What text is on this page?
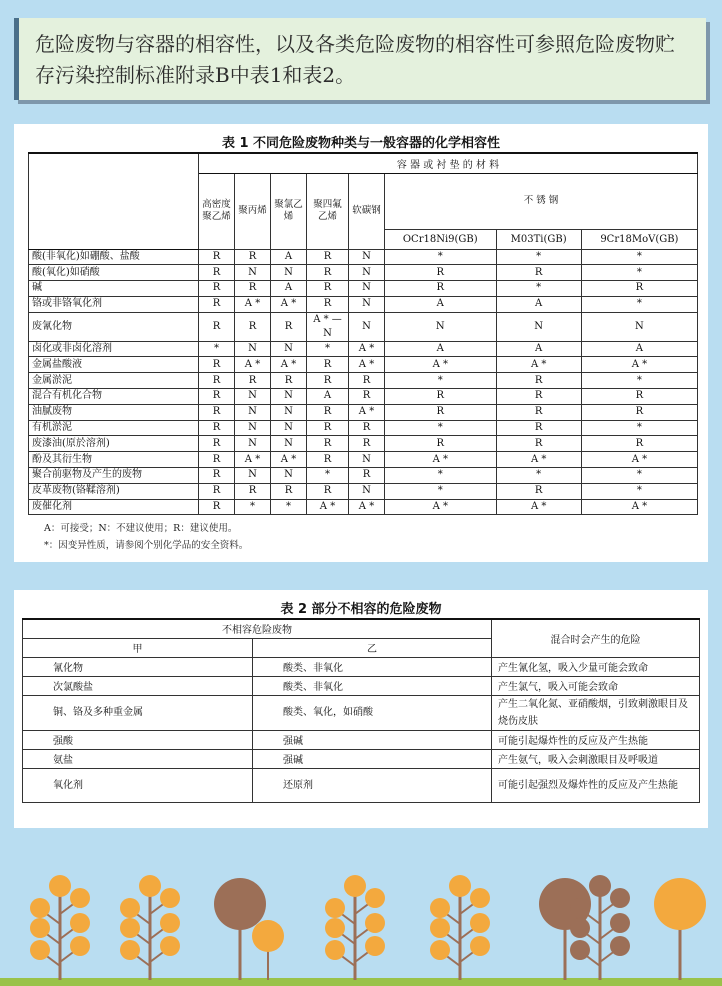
危险废物与容器的相容性，以及各类危险废物的相容性可参照危险废物贮存污染控制标准附录B中表1和表2。
表 1 不同危险废物种类与一般容器的化学相容性
	容 器 或 衬 垫 的 材 料							
	高密度聚乙烯	聚丙烯	聚氯乙烯	聚四氟乙烯	软碳钢	不 锈 钢		
						OCr18Ni9(GB)	M03Ti(GB)	9Cr18MoV(GB)
酸(非氧化)如硼酸、盐酸	R	R	A	R	N	*	*	*
酸(氧化)如硝酸	R	N	N	R	N	R	R	*
碱	R	R	A	R	N	R	*	R
铬或非铬氧化剂	R	A *	A *	R	N	A	A	*
废氰化物	R	R	R	A * —N	N	N	N	N
卤化或非卤化溶剂	*	N	N	*	A *	A	A	A
金属盐酸液	R	A *	A *	R	A *	A *	A *	A *
金属淤泥	R	R	R	R	R	*	R	*
混合有机化合物	R	N	N	A	R	R	R	R
油腻废物	R	N	N	R	A *	R	R	R
有机淤泥	R	N	N	R	R	*	R	*
废漆油(原於溶剂)	R	N	N	R	R	R	R	R
酚及其衍生物	R	A *	A *	R	N	A *	A *	A *
聚合前驱物及产生的废物	R	N	N	*	R	*	*	*
皮革废物(铬鞣溶剂)	R	R	R	R	N	*	R	*
废催化剂	R	*	*	A *	A *	A *	A *	A *
A：可接受；N：不建议使用；R：建议使用。
*：因变异性质，请参阅个别化学品的安全资料。
表 2 部分不相容的危险废物
不相容危险废物		混合时会产生的危险
甲	乙	
氰化物	酸类、非氧化	产生氰化氢，吸入少量可能会致命
次氯酸盐	酸类、非氧化	产生氯气，吸入可能会致命
铜、铬及多种重金属	酸类、氧化，如硝酸	产生二氧化氮、亚硝酸烟，引致刺激眼目及烧伤皮肤
强酸	强碱	可能引起爆炸性的反应及产生热能
氨盐	强碱	产生氨气，吸入会刺激眼目及呼吸道
氧化剂	还原剂	可能引起强烈及爆炸性的反应及产生热能
